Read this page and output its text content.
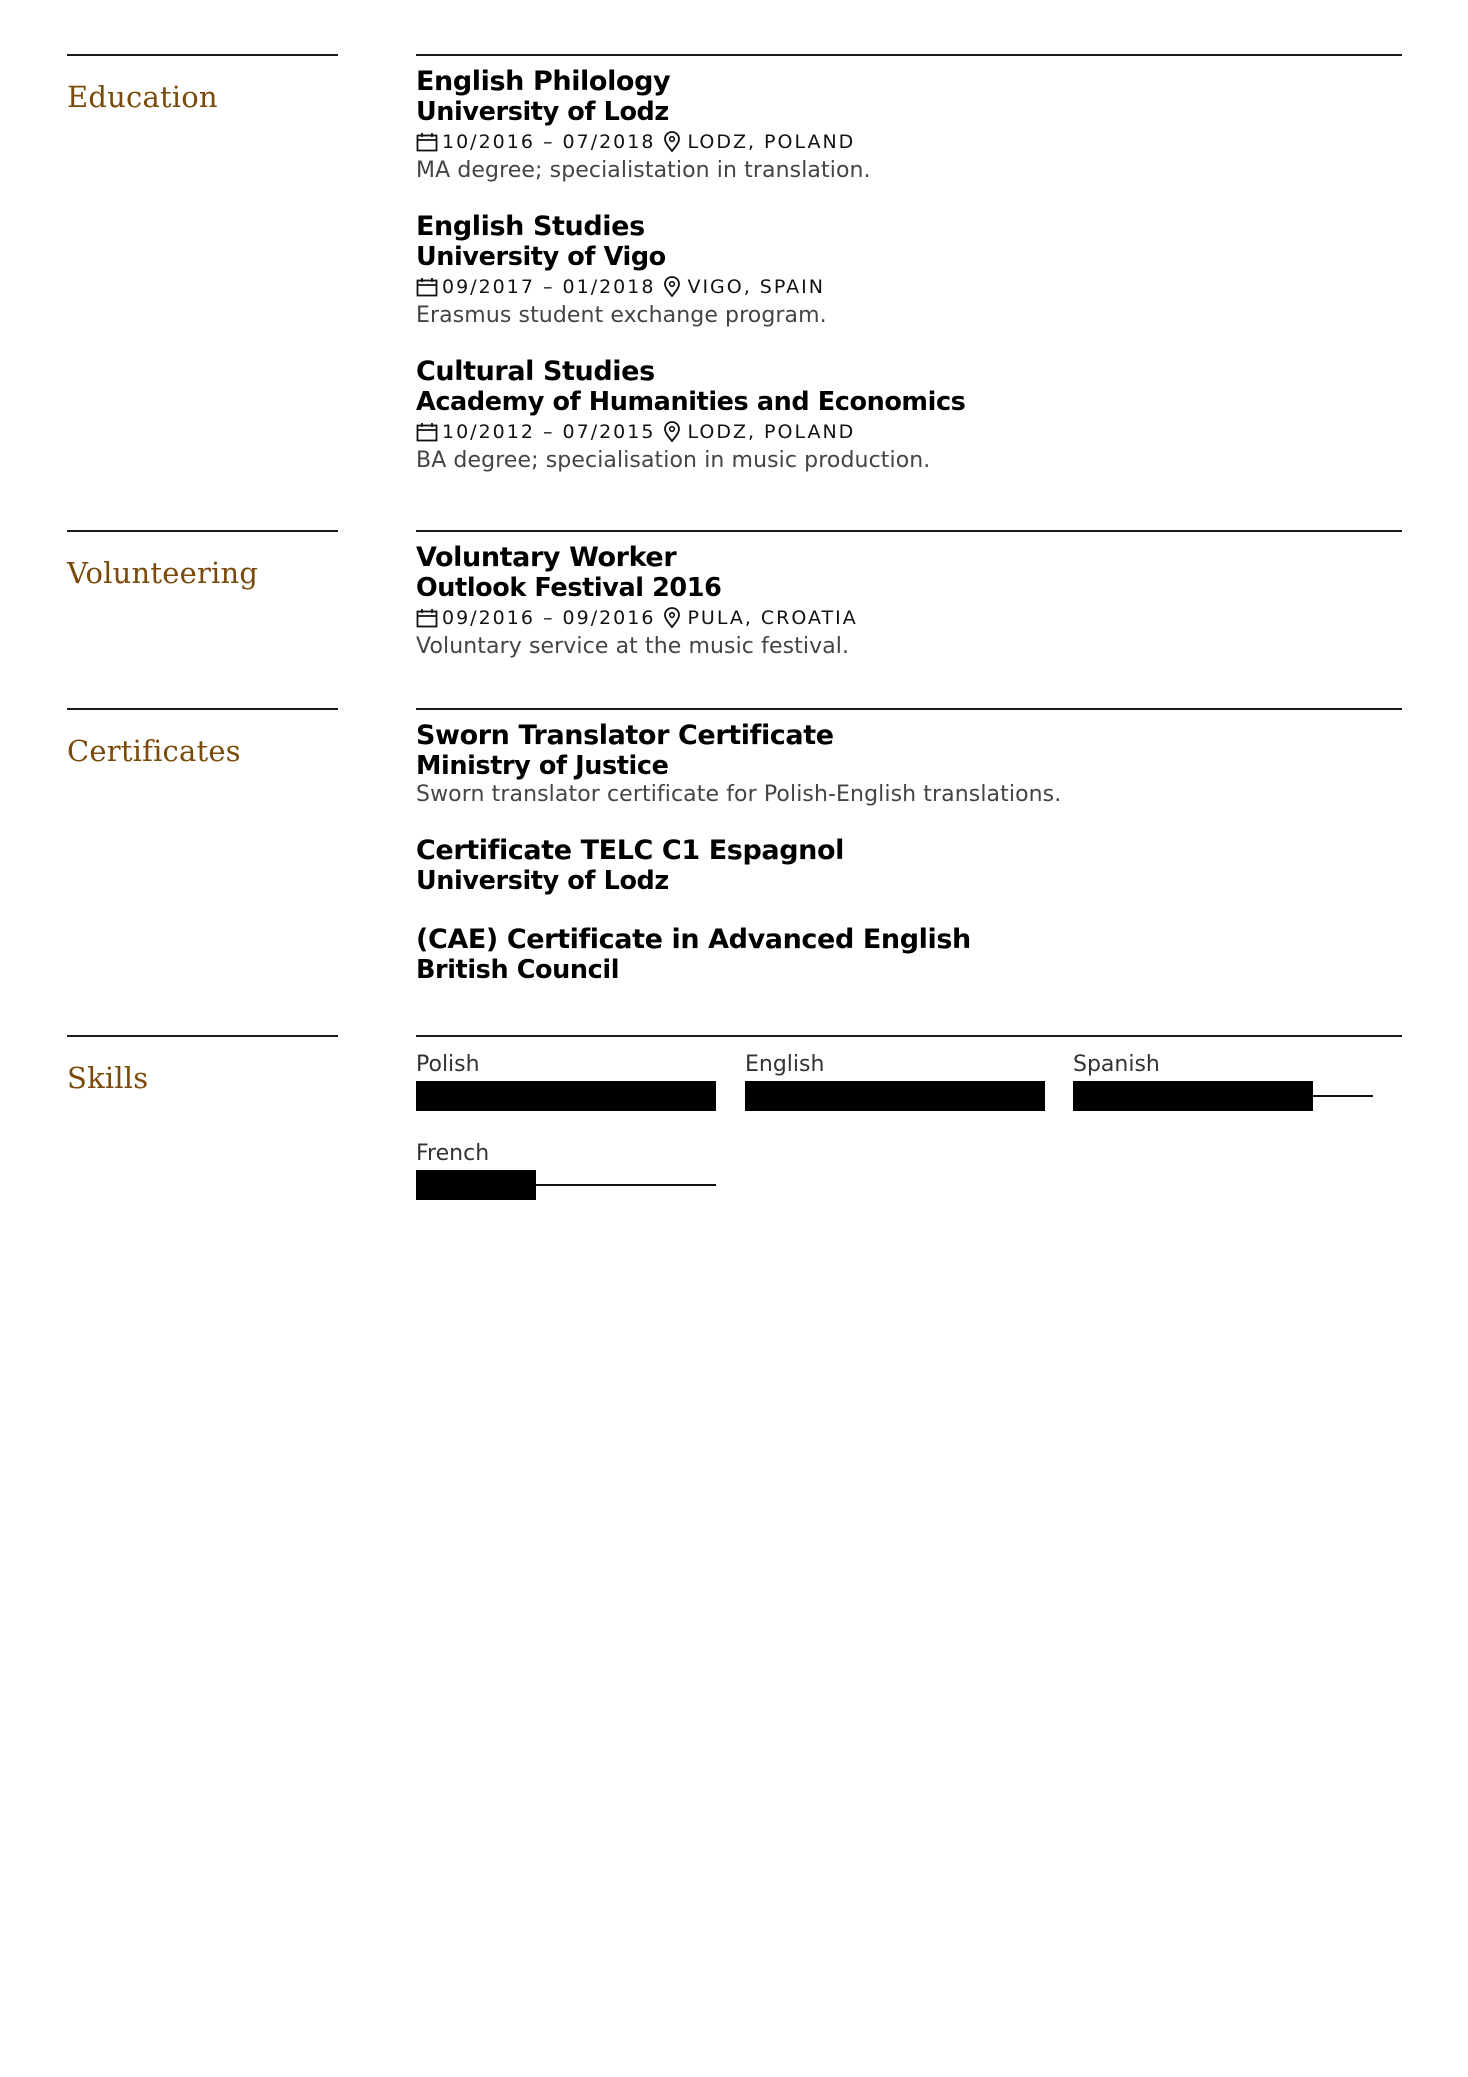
Education	English Philology
University of Lodz
10/2016 – 07/2018 LODZ, POLAND
MA degree; specialistation in translation.
English Studies
University of Vigo
09/2017 – 01/2018 VIGO, SPAIN
Erasmus student exchange program.
Cultural Studies
Academy of Humanities and Economics
10/2012 – 07/2015 LODZ, POLAND
BA degree; specialisation in music production.
Volunteering	Voluntary Worker
Outlook Festival 2016
09/2016 – 09/2016 PULA, CROATIA
Voluntary service at the music festival.
Certificates	Sworn Translator Certificate
Ministry of Justice
Sworn translator certificate for Polish-English translations.
Certificate TELC C1 Espagnol
University of Lodz
(CAE) Certificate in Advanced English
British Council
Skills	Polish	English	Spanish
French
